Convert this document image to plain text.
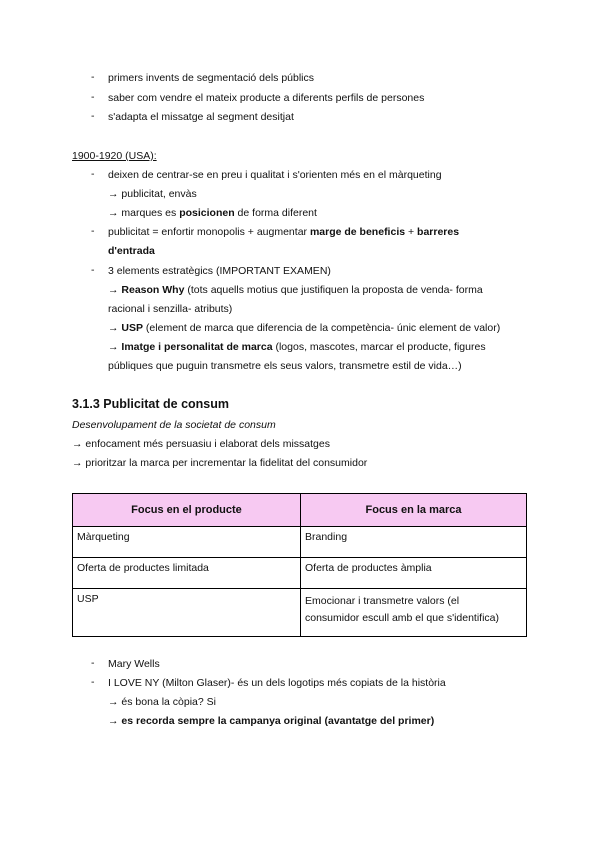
-	primers invents de segmentació dels públics
-	saber com vendre el mateix producte a diferents perfils de persones
-	s'adapta el missatge al segment desitjat
1900-1920 (USA):
-	deixen de centrar-se en preu i qualitat i s'orienten més en el màrqueting
→ publicitat, envàs
→ marques es posicionen de forma diferent
-	publicitat = enfortir monopolis + augmentar marge de beneficis + barreres
d'entrada
-	3 elements estratègics (IMPORTANT EXAMEN)
→ Reason Why (tots aquells motius que justifiquen la proposta de venda- forma
racional i senzilla- atributs)
→ USP (element de marca que diferencia de la competència- únic element de valor)
→ Imatge i personalitat de marca (logos, mascotes, marcar el producte, figures
públiques que puguin transmetre els seus valors, transmetre estil de vida…)
3.1.3 Publicitat de consum
Desenvolupament de la societat de consum
→ enfocament més persuasiu i elaborat dels missatges
→ prioritzar la marca per incrementar la fidelitat del consumidor
Focus en el producte	Focus en la marca
Màrqueting	Branding
Oferta de productes limitada	Oferta de productes àmplia
USP	Emocionar i transmetre valors (el
consumidor escull amb el que s'identifica)
-	Mary Wells
-	I LOVE NY (Milton Glaser)- és un dels logotips més copiats de la història
→ és bona la còpia? Si
→ es recorda sempre la campanya original (avantatge del primer)
